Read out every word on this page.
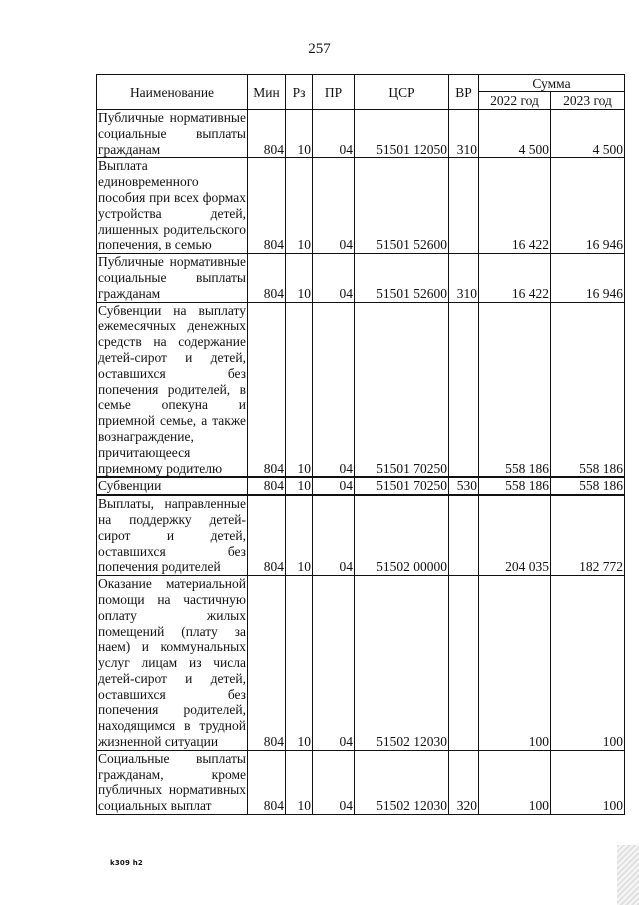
257
Наименование	Мин	Рз	ПР	ЦСР	ВР	Сумма	
						2022 год	2023 год
Публичные нормативные социальные выплаты гражданам	804	10	04	51501 12050	310	4 500	4 500
Выплата единовременного пособия при всех формах устройства детей, лишенных родительского попечения, в семью	804	10	04	51501 52600		16 422	16 946
Публичные нормативные социальные выплаты гражданам	804	10	04	51501 52600	310	16 422	16 946
Субвенции на выплату ежемесячных денежных средств на содержание детей-сирот и детей, оставшихся без попечения родителей, в семье опекуна и приемной семье, а также вознаграждение, причитающееся приемному родителю	804	10	04	51501 70250		558 186	558 186
Субвенции	804	10	04	51501 70250	530	558 186	558 186
Выплаты, направленные на поддержку детей-сирот и детей, оставшихся без попечения родителей	804	10	04	51502 00000		204 035	182 772
Оказание материальной помощи на частичную оплату жилых помещений (плату за наем) и коммунальных услуг лицам из числа детей-сирот и детей, оставшихся без попечения родителей, находящимся в трудной жизненной ситуации	804	10	04	51502 12030		100	100
Социальные выплаты гражданам, кроме публичных нормативных социальных выплат	804	10	04	51502 12030	320	100	100
k309 h2
